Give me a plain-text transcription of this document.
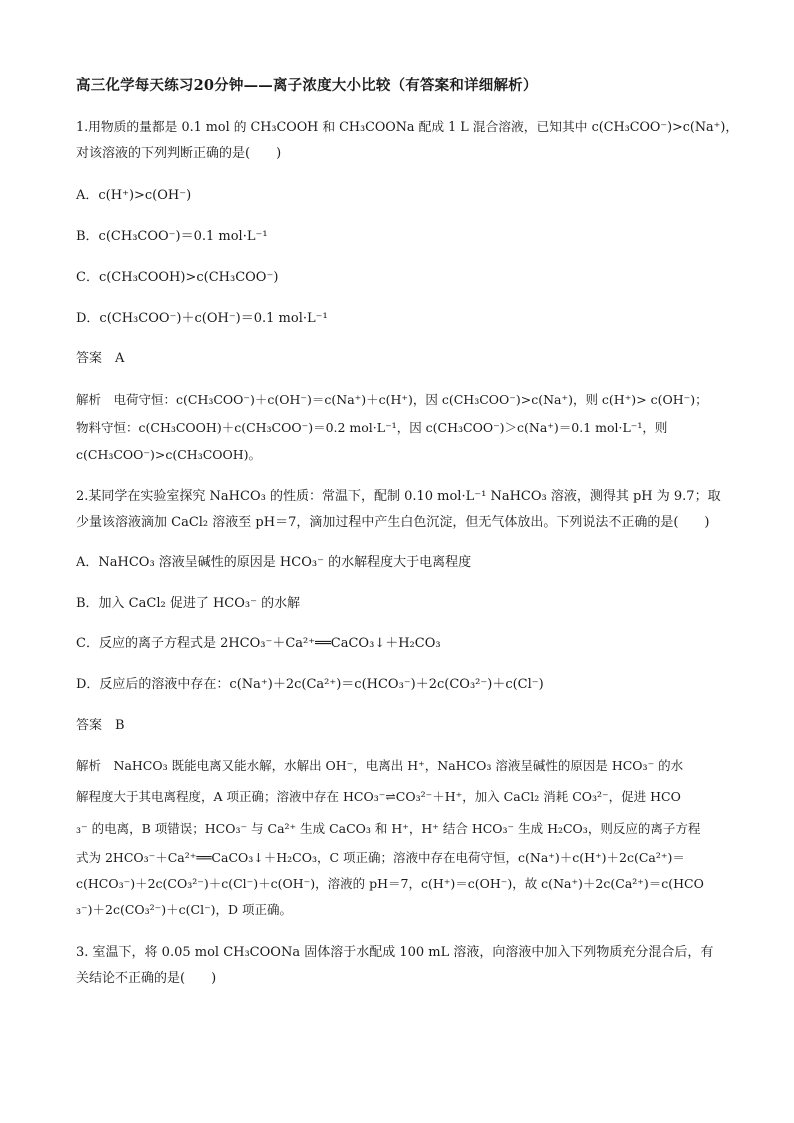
高三化学每天练习20分钟——离子浓度大小比较（有答案和详细解析）
1.用物质的量都是 0.1 mol 的 CH₃COOH 和 CH₃COONa 配成 1 L 混合溶液，已知其中 c(CH₃COO⁻)>c(Na⁺)，
对该溶液的下列判断正确的是(　　)
A．c(H⁺)>c(OH⁻)
B．c(CH₃COO⁻)＝0.1 mol·L⁻¹
C．c(CH₃COOH)>c(CH₃COO⁻)
D．c(CH₃COO⁻)＋c(OH⁻)＝0.1 mol·L⁻¹
答案　A
解析　电荷守恒：c(CH₃COO⁻)＋c(OH⁻)＝c(Na⁺)＋c(H⁺)，因 c(CH₃COO⁻)>c(Na⁺)，则 c(H⁺)> c(OH⁻)；
物料守恒：c(CH₃COOH)＋c(CH₃COO⁻)＝0.2 mol·L⁻¹，因 c(CH₃COO⁻)＞c(Na⁺)＝0.1 mol·L⁻¹，则
c(CH₃COO⁻)>c(CH₃COOH)。
2.某同学在实验室探究 NaHCO₃ 的性质：常温下，配制 0.10 mol·L⁻¹ NaHCO₃ 溶液，测得其 pH 为 9.7；取
少量该溶液滴加 CaCl₂ 溶液至 pH＝7，滴加过程中产生白色沉淀，但无气体放出。下列说法不正确的是(　　)
A．NaHCO₃ 溶液呈碱性的原因是 HCO₃⁻ 的水解程度大于电离程度
B．加入 CaCl₂ 促进了 HCO₃⁻ 的水解
C．反应的离子方程式是 2HCO₃⁻＋Ca²⁺══CaCO₃↓＋H₂CO₃
D．反应后的溶液中存在：c(Na⁺)＋2c(Ca²⁺)＝c(HCO₃⁻)＋2c(CO₃²⁻)＋c(Cl⁻)
答案　B
解析　NaHCO₃ 既能电离又能水解，水解出 OH⁻，电离出 H⁺，NaHCO₃ 溶液呈碱性的原因是 HCO₃⁻ 的水
解程度大于其电离程度，A 项正确；溶液中存在 HCO₃⁻⇌CO₃²⁻＋H⁺，加入 CaCl₂ 消耗 CO₃²⁻，促进 HCO
₃⁻ 的电离，B 项错误；HCO₃⁻ 与 Ca²⁺ 生成 CaCO₃ 和 H⁺，H⁺ 结合 HCO₃⁻ 生成 H₂CO₃，则反应的离子方程
式为 2HCO₃⁻＋Ca²⁺══CaCO₃↓＋H₂CO₃，C 项正确；溶液中存在电荷守恒，c(Na⁺)＋c(H⁺)＋2c(Ca²⁺)＝
c(HCO₃⁻)＋2c(CO₃²⁻)＋c(Cl⁻)＋c(OH⁻)，溶液的 pH＝7，c(H⁺)＝c(OH⁻)，故 c(Na⁺)＋2c(Ca²⁺)＝c(HCO
₃⁻)＋2c(CO₃²⁻)＋c(Cl⁻)，D 项正确。
3. 室温下，将 0.05 mol CH₃COONa 固体溶于水配成 100 mL 溶液，向溶液中加入下列物质充分混合后，有
关结论不正确的是(　　)
